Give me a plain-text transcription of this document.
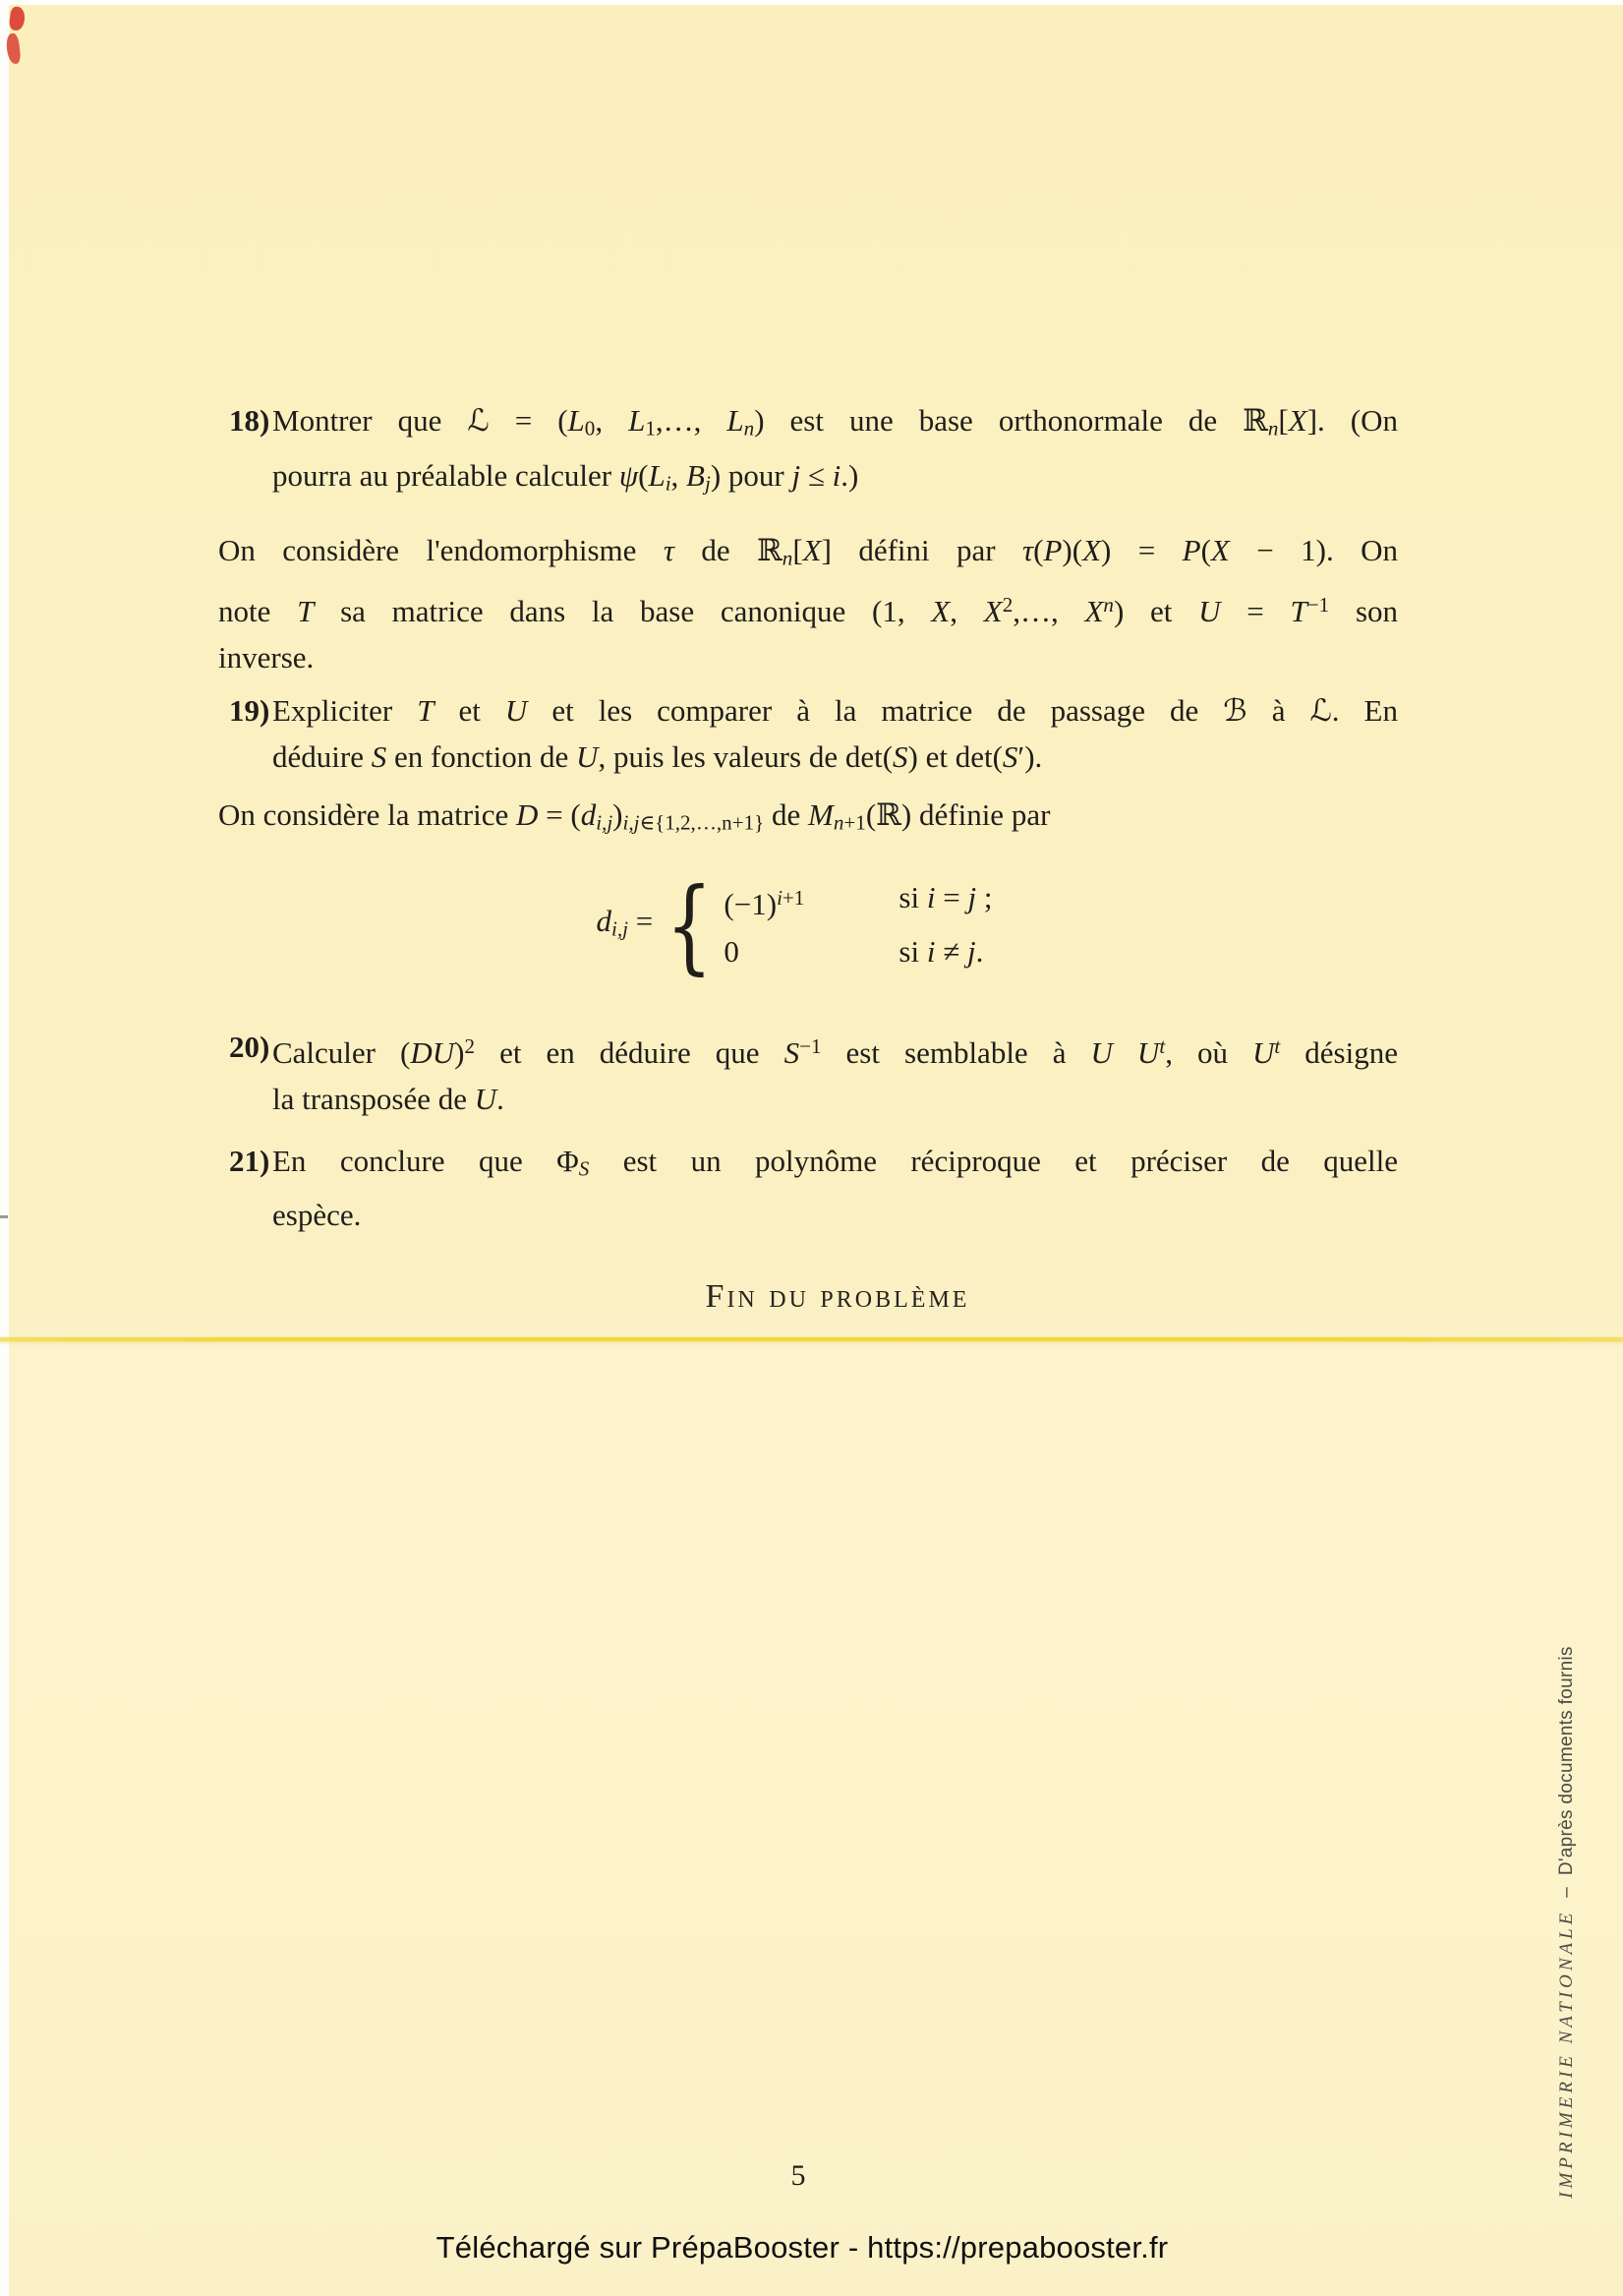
18) Montrer que ℒ = (L0, L1,…, Ln) est une base orthonormale de ℝn[X]. (On
pourra au préalable calculer ψ(Li, Bj) pour j ≤ i.)
On considère l'endomorphisme τ de ℝn[X] défini par τ(P)(X) = P(X − 1). On
note T sa matrice dans la base canonique (1, X, $X^2,\dots$, $X^n$) et $U = T^{-1}$ son
inverse.
19) Expliciter T et U et les comparer à la matrice de passage de ℬ à ℒ. En
déduire S en fonction de U, puis les valeurs de det(S) et det(S′).
On considère la matrice D = (di,j)i,j∈{1,2,…,n+1} de Mn+1(ℝ) définie par
di,j = { $(-1)^{i+1}$	si i = j ;
0	si i ≠ j.
20) Calculer (DU)$^2$ et en déduire que $S^{-1}$ est semblable à U $U^t$, où $U^t$ désigne
la transposée de U.
21) En conclure que ΦS est un polynôme réciproque et préciser de quelle
espèce.
Fin du problème
5	IMPRIMERIE NATIONALE
–
D'après documents fournis
Téléchargé sur PrépaBooster - https://prepabooster.fr
